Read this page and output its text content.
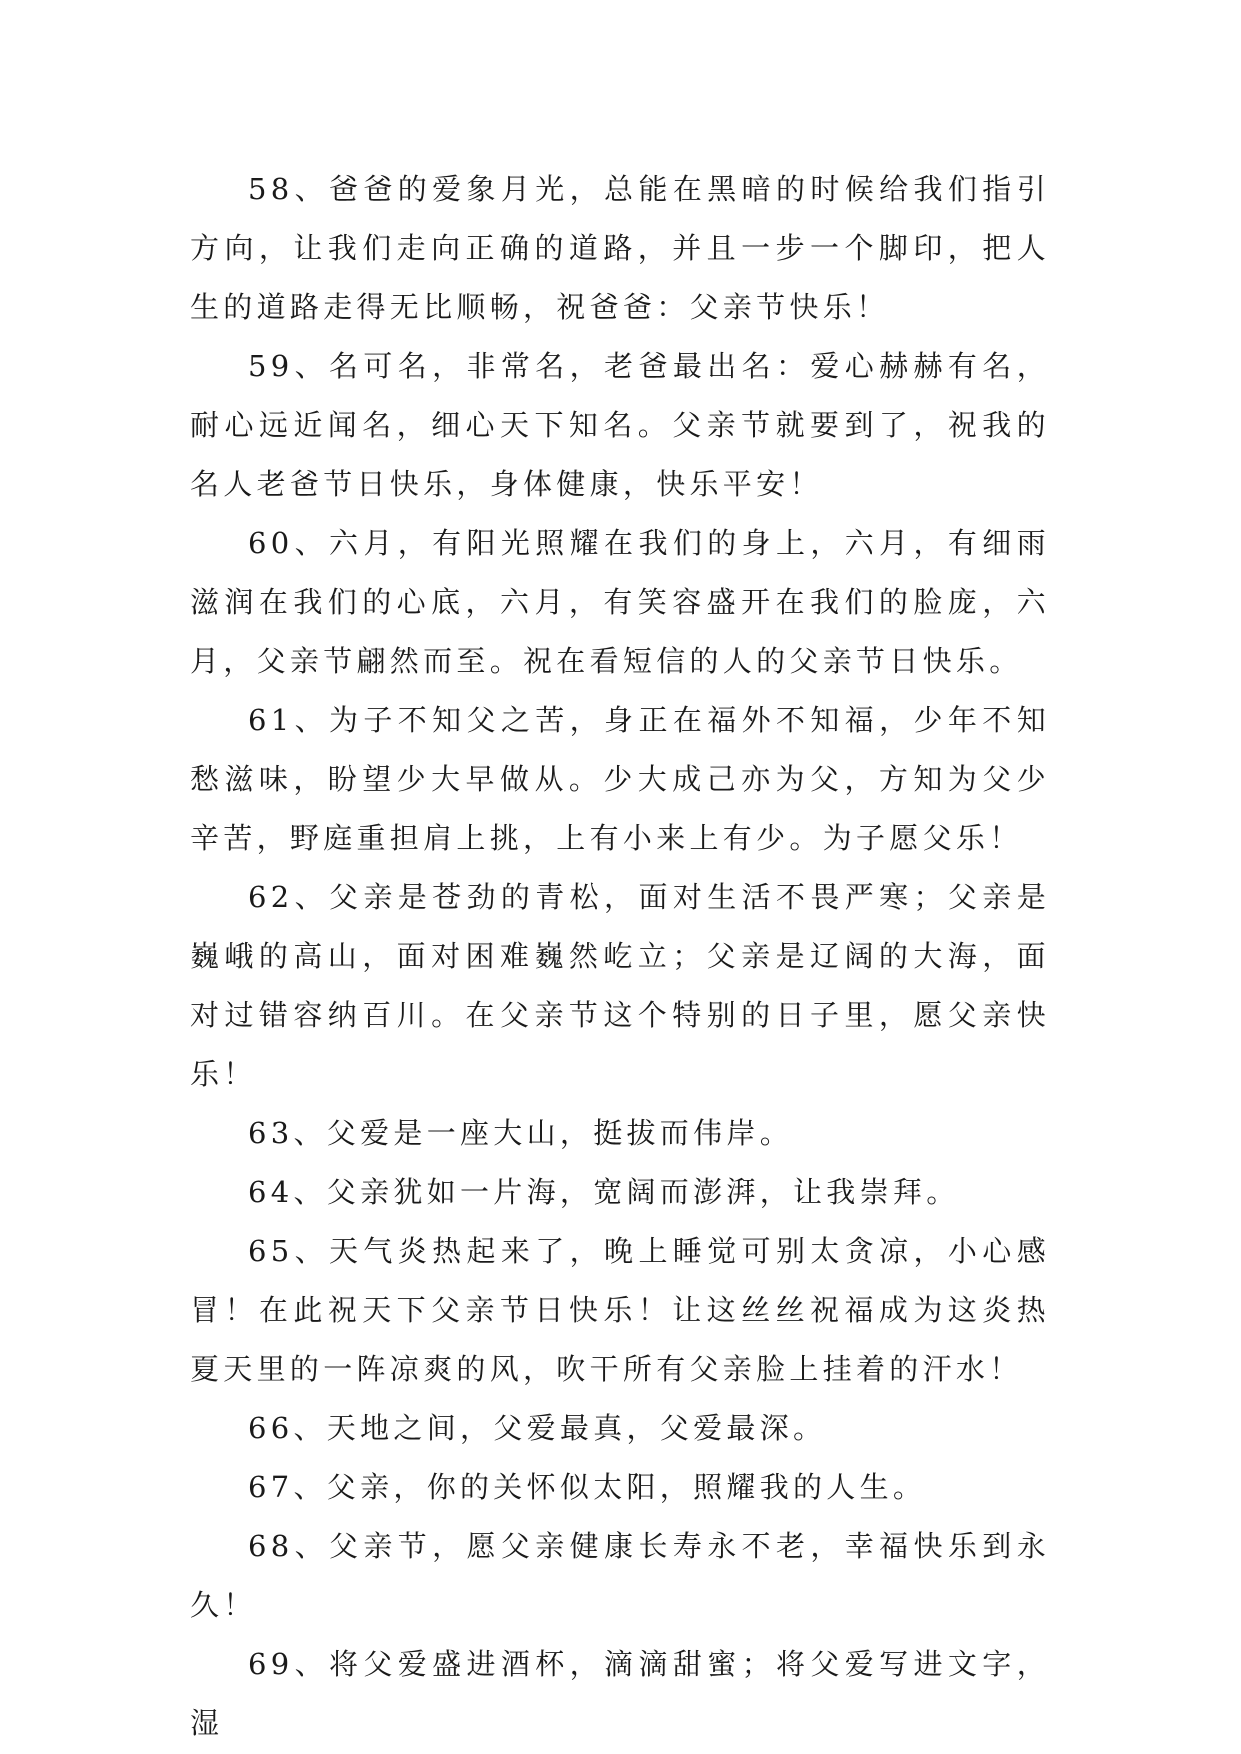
58、爸爸的爱象月光，总能在黑暗的时候给我们指引方向，让我们走向正确的道路，并且一步一个脚印，把人生的道路走得无比顺畅，祝爸爸：父亲节快乐！

59、名可名，非常名，老爸最出名：爱心赫赫有名，耐心远近闻名，细心天下知名。父亲节就要到了，祝我的名人老爸节日快乐，身体健康，快乐平安！

60、六月，有阳光照耀在我们的身上，六月，有细雨滋润在我们的心底，六月，有笑容盛开在我们的脸庞，六月，父亲节翩然而至。祝在看短信的人的父亲节日快乐。

61、为子不知父之苦，身正在福外不知福，少年不知愁滋味，盼望少大早做从。少大成己亦为父，方知为父少辛苦，野庭重担肩上挑，上有小来上有少。为子愿父乐！

62、父亲是苍劲的青松，面对生活不畏严寒；父亲是巍峨的高山，面对困难巍然屹立；父亲是辽阔的大海，面对过错容纳百川。在父亲节这个特别的日子里，愿父亲快乐！

63、父爱是一座大山，挺拔而伟岸。

64、父亲犹如一片海，宽阔而澎湃，让我崇拜。

65、天气炎热起来了，晚上睡觉可别太贪凉，小心感冒！在此祝天下父亲节日快乐！让这丝丝祝福成为这炎热夏天里的一阵凉爽的风，吹干所有父亲脸上挂着的汗水！

66、天地之间，父爱最真，父爱最深。

67、父亲，你的关怀似太阳，照耀我的人生。

68、父亲节，愿父亲健康长寿永不老，幸福快乐到永久！

69、将父爱盛进酒杯，滴滴甜蜜；将父爱写进文字，湿
